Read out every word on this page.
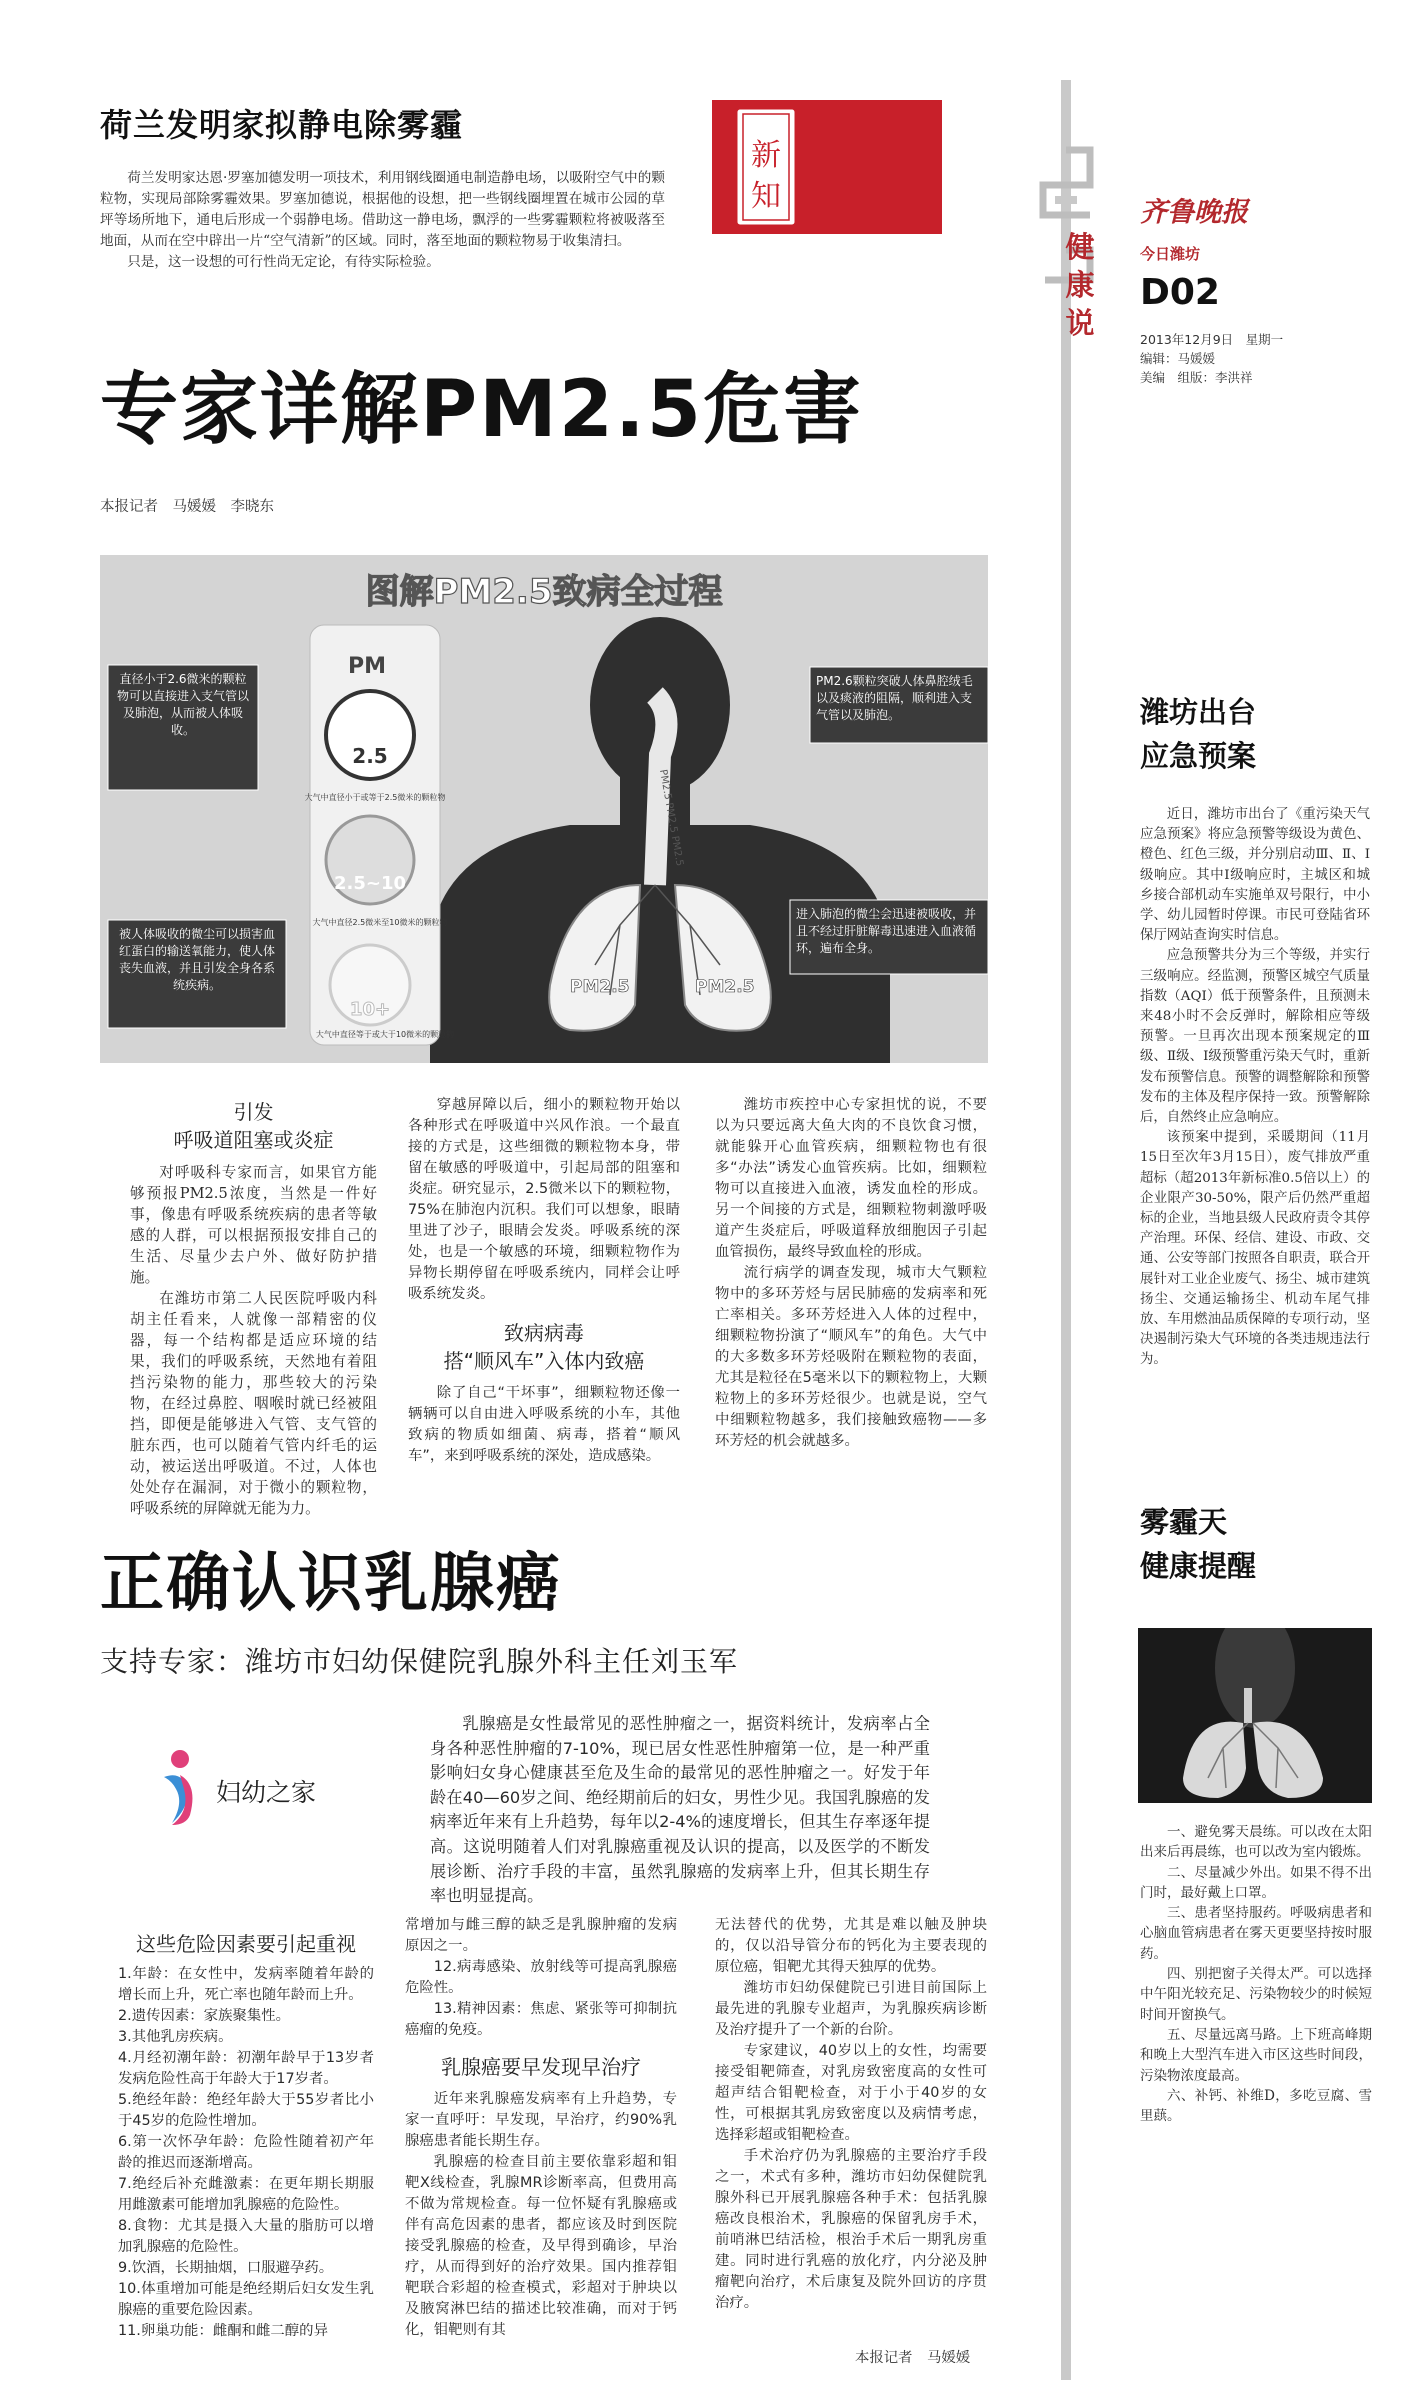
荷兰发明家拟静电除雾霾

荷兰发明家达恩·罗塞加德发明一项技术，利用钢线圈通电制造静电场，以吸附空气中的颗粒物，实现局部除雾霾效果。罗塞加德说，根据他的设想，把一些钢线圈埋置在城市公园的草坪等场所地下，通电后形成一个弱静电场。借助这一静电场，飘浮的一些雾霾颗粒将被吸落至地面，从而在空中辟出一片“空气清新”的区域。同时，落至地面的颗粒物易于收集清扫。

只是，这一设想的可行性尚无定论，有待实际检验。

新
知
专家详解PM2.5危害
本报记者　马媛媛　李晓东
图解PM2.5致病全过程
PM2.5 PM2.5 PM2.5
PM2.5	PM2.5
PM
2.5
大气中直径小于或等于2.5微米的颗粒物
2.5~10
大气中直径2.5微米至10微米的颗粒物
10+
大气中直径等于或大于10微米的颗粒物
直径小于2.6微米的颗粒物可以直接进入支气管以及肺泡，从而被人体吸收。
被人体吸收的微尘可以损害血红蛋白的输送氧能力，使人体丧失血液，并且引发全身各系统疾病。
PM2.6颗粒突破人体鼻腔绒毛以及痰液的阻隔，顺利进入支气管以及肺泡。
进入肺泡的微尘会迅速被吸收，并且不经过肝脏解毒迅速进入血液循环，遍布全身。
引发
呼吸道阻塞或炎症

对呼吸科专家而言，如果官方能够预报PM2.5浓度，当然是一件好事，像患有呼吸系统疾病的患者等敏感的人群，可以根据预报安排自己的生活、尽量少去户外、做好防护措施。

在潍坊市第二人民医院呼吸内科胡主任看来，人就像一部精密的仪器，每一个结构都是适应环境的结果，我们的呼吸系统，天然地有着阻挡污染物的能力，那些较大的污染物，在经过鼻腔、咽喉时就已经被阻挡，即便是能够进入气管、支气管的脏东西，也可以随着气管内纤毛的运动，被运送出呼吸道。不过，人体也处处存在漏洞，对于微小的颗粒物，呼吸系统的屏障就无能为力。

穿越屏障以后，细小的颗粒物开始以各种形式在呼吸道中兴风作浪。一个最直接的方式是，这些细微的颗粒物本身，带留在敏感的呼吸道中，引起局部的阻塞和炎症。研究显示，2.5微米以下的颗粒物，75%在肺泡内沉积。我们可以想象，眼睛里进了沙子，眼睛会发炎。呼吸系统的深处，也是一个敏感的环境，细颗粒物作为异物长期停留在呼吸系统内，同样会让呼吸系统发炎。

致病病毒
搭“顺风车”入体内致癌

除了自己“干坏事”，细颗粒物还像一辆辆可以自由进入呼吸系统的小车，其他致病的物质如细菌、病毒，搭着“顺风车”，来到呼吸系统的深处，造成感染。

潍坊市疾控中心专家担忧的说，不要以为只要远离大鱼大肉的不良饮食习惯，就能躲开心血管疾病，细颗粒物也有很多“办法”诱发心血管疾病。比如，细颗粒物可以直接进入血液，诱发血栓的形成。另一个间接的方式是，细颗粒物刺激呼吸道产生炎症后，呼吸道释放细胞因子引起血管损伤，最终导致血栓的形成。

流行病学的调查发现，城市大气颗粒物中的多环芳烃与居民肺癌的发病率和死亡率相关。多环芳烃进入人体的过程中，细颗粒物扮演了“顺风车”的角色。大气中的大多数多环芳烃吸附在颗粒物的表面，尤其是粒径在5毫米以下的颗粒物上，大颗粒物上的多环芳烃很少。也就是说，空气中细颗粒物越多，我们接触致癌物——多环芳烃的机会就越多。

正确认识乳腺癌
支持专家：潍坊市妇幼保健院乳腺外科主任刘玉军
妇幼之家

乳腺癌是女性最常见的恶性肿瘤之一，据资料统计，发病率占全身各种恶性肿瘤的7-10%，现已居女性恶性肿瘤第一位，是一种严重影响妇女身心健康甚至危及生命的最常见的恶性肿瘤之一。好发于年龄在40—60岁之间、绝经期前后的妇女，男性少见。我国乳腺癌的发病率近年来有上升趋势，每年以2-4%的速度增长，但其生存率逐年提高。这说明随着人们对乳腺癌重视及认识的提高，以及医学的不断发展诊断、治疗手段的丰富，虽然乳腺癌的发病率上升，但其长期生存率也明显提高。

这些危险因素要引起重视
1.年龄：在女性中，发病率随着年龄的增长而上升，死亡率也随年龄而上升。
2.遗传因素：家族聚集性。
3.其他乳房疾病。
4.月经初潮年龄：初潮年龄早于13岁者发病危险性高于年龄大于17岁者。
5.绝经年龄：绝经年龄大于55岁者比小于45岁的危险性增加。
6.第一次怀孕年龄：危险性随着初产年龄的推迟而逐渐增高。
7.绝经后补充雌激素：在更年期长期服用雌激素可能增加乳腺癌的危险性。
8.食物：尤其是摄入大量的脂肪可以增加乳腺癌的危险性。
9.饮酒，长期抽烟，口服避孕药。
10.体重增加可能是绝经期后妇女发生乳腺癌的重要危险因素。
11.卵巢功能：雌酮和雌二醇的异
常增加与雌三醇的缺乏是乳腺肿瘤的发病原因之一。
12.病毒感染、放射线等可提高乳腺癌危险性。
13.精神因素：焦虑、紧张等可抑制抗癌瘤的免疫。
乳腺癌要早发现早治疗

近年来乳腺癌发病率有上升趋势，专家一直呼吁：早发现，早治疗，约90%乳腺癌患者能长期生存。

乳腺癌的检查目前主要依靠彩超和钼靶X线检查，乳腺MR诊断率高，但费用高不做为常规检查。每一位怀疑有乳腺癌或伴有高危因素的患者，都应该及时到医院接受乳腺癌的检查，及早得到确诊，早治疗，从而得到好的治疗效果。国内推荐钼靶联合彩超的检查模式，彩超对于肿块以及腋窝淋巴结的描述比较准确，而对于钙化，钼靶则有其

无法替代的优势，尤其是难以触及肿块的，仅以沿导管分布的钙化为主要表现的原位癌，钼靶尤其得天独厚的优势。

潍坊市妇幼保健院已引进目前国际上最先进的乳腺专业超声，为乳腺疾病诊断及治疗提升了一个新的台阶。

专家建议，40岁以上的女性，均需要接受钼靶筛查，对乳房致密度高的女性可超声结合钼靶检查，对于小于40岁的女性，可根据其乳房致密度以及病情考虑，选择彩超或钼靶检查。

手术治疗仍为乳腺癌的主要治疗手段之一，术式有多种，潍坊市妇幼保健院乳腺外科已开展乳腺癌各种手术：包括乳腺癌改良根治术，乳腺癌的保留乳房手术，前哨淋巴结活检，根治手术后一期乳房重建。同时进行乳癌的放化疗，内分泌及肿瘤靶向治疗，术后康复及院外回访的序贯治疗。

本报记者　马媛媛
健康说
齐鲁晚报
今日潍坊
D02
2013年12月9日　星期一
编辑：马媛媛
美编　组版：李洪祥
潍坊出台
应急预案

近日，潍坊市出台了《重污染天气应急预案》将应急预警等级设为黄色、橙色、红色三级，并分别启动Ⅲ、Ⅱ、Ⅰ级响应。其中Ⅰ级响应时，主城区和城乡接合部机动车实施单双号限行，中小学、幼儿园暂时停课。市民可登陆省环保厅网站查询实时信息。

应急预警共分为三个等级，并实行三级响应。经监测，预警区城空气质量指数（AQI）低于预警条件，且预测未来48小时不会反弹时，解除相应等级预警。一旦再次出现本预案规定的Ⅲ级、Ⅱ级、Ⅰ级预警重污染天气时，重新发布预警信息。预警的调整解除和预警发布的主体及程序保持一致。预警解除后，自然终止应急响应。

该预案中提到，采暖期间（11月15日至次年3月15日），废气排放严重超标（超2013年新标准0.5倍以上）的企业限产30-50%，限产后仍然严重超标的企业，当地县级人民政府责令其停产治理。环保、经信、建设、市政、交通、公安等部门按照各自职责，联合开展针对工业企业废气、扬尘、城市建筑扬尘、交通运输扬尘、机动车尾气排放、车用燃油品质保障的专项行动，坚决遏制污染大气环境的各类违规违法行为。

雾霾天
健康提醒

一、避免雾天晨练。可以改在太阳出来后再晨练，也可以改为室内锻炼。

二、尽量减少外出。如果不得不出门时，最好戴上口罩。

三、患者坚持服药。呼吸病患者和心脑血管病患者在雾天更要坚持按时服药。

四、别把窗子关得太严。可以选择中午阳光较充足、污染物较少的时候短时间开窗换气。

五、尽量远离马路。上下班高峰期和晚上大型汽车进入市区这些时间段，污染物浓度最高。

六、补钙、补维D，多吃豆腐、雪里蕻。
